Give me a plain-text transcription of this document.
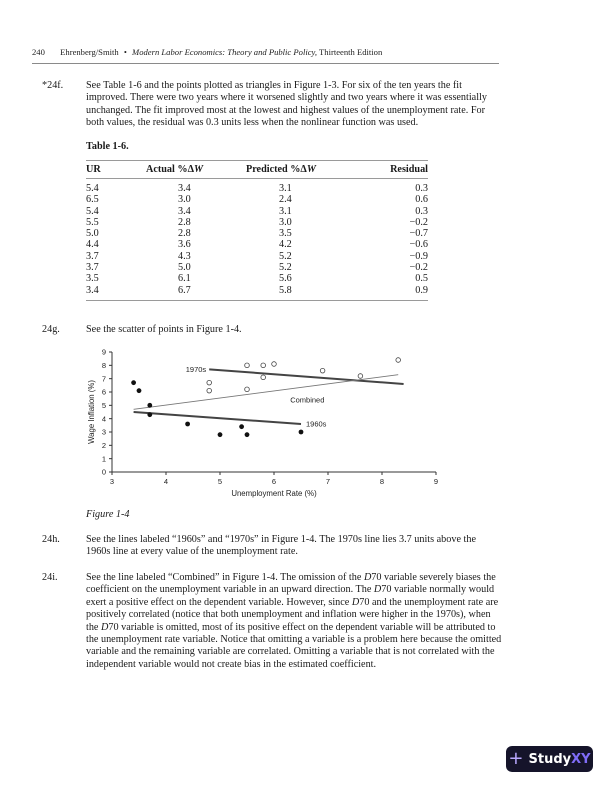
240 Ehrenberg/Smith • Modern Labor Economics: Theory and Public Policy, Thirteenth Edition
*24f.	See Table 1-6 and the points plotted as triangles in Figure 1-3. For six of the ten years the fit improved. There were two years where it worsened slightly and two years where it was essentially unchanged. The fit improved most at the lowest and highest values of the unemployment rate. For both values, the residual was 0.3 units less when the nonlinear function was used.
Table 1-6.
UR	Actual %ΔW	Predicted %ΔW	Residual
5.4	3.4	3.1	0.3
6.5	3.0	2.4	0.6
5.4	3.4	3.1	0.3
5.5	2.8	3.0	−0.2
5.0	2.8	3.5	−0.7
4.4	3.6	4.2	−0.6
3.7	4.3	5.2	−0.9
3.7	5.0	5.2	−0.2
3.5	6.1	5.6	0.5
3.4	6.7	5.8	0.9
24g.	See the scatter of points in Figure 1-4.
3	4	5	6	7	8	9
0
1
2
3
4
5
6
7
8
9
Unemployment Rate (%)
Wage Inflation (%)	1960s
1970s
Combined
Figure 1-4
24h.	See the lines labeled “1960s” and “1970s” in Figure 1-4. The 1970s line lies 3.7 units above the 1960s line at every value of the unemployment rate.
24i.	See the line labeled “Combined” in Figure 1-4. The omission of the D70 variable severely biases the coefficient on the unemployment variable in an upward direction. The D70 variable normally would exert a positive effect on the dependent variable. However, since D70 and the unemployment rate are positively correlated (notice that both unemployment and inflation were higher in the 1970s), when the D70 variable is omitted, most of its positive effect on the dependent variable will be attributed to the unemployment rate variable. Notice that omitting a variable is a problem here because the omitted variable and the remaining variable are correlated. Omitting a variable that is not correlated with the independent variable would not create bias in the estimated coefficient.
+ Study XY
